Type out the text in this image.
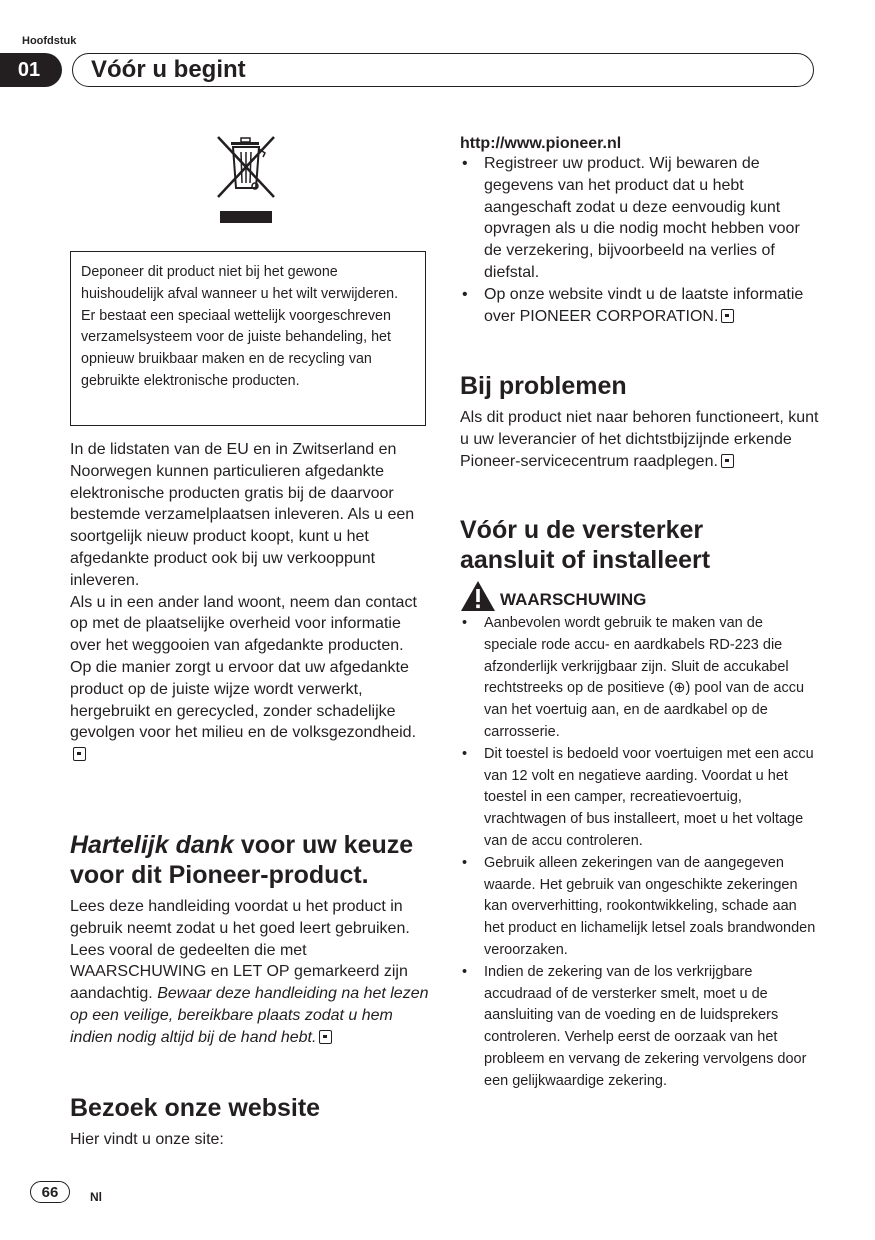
Hoofdstuk
01	Vóór u begint
Deponeer dit product niet bij het gewone huishoudelijk afval wanneer u het wilt verwijderen. Er bestaat een speciaal wettelijk voorgeschreven verzamelsysteem voor de juiste behandeling, het opnieuw bruikbaar maken en de recycling van gebruikte elektronische producten.
In de lidstaten van de EU en in Zwitserland en Noorwegen kunnen particulieren afgedankte elektronische producten gratis bij de daarvoor bestemde verzamelplaatsen inleveren. Als u een soortgelijk nieuw product koopt, kunt u het afgedankte product ook bij uw verkooppunt inleveren.
Als u in een ander land woont, neem dan contact op met de plaatselijke overheid voor informatie over het weggooien van afgedankte producten.
Op die manier zorgt u ervoor dat uw afgedankte product op de juiste wijze wordt verwerkt, hergebruikt en gerecycled, zonder schadelijke gevolgen voor het milieu en de volksgezondheid.
Hartelijk dank voor uw keuze voor dit Pioneer-product.
Lees deze handleiding voordat u het product in gebruik neemt zodat u het goed leert gebruiken. Lees vooral de gedeelten die met WAARSCHUWING en LET OP gemarkeerd zijn aandachtig. Bewaar deze handleiding na het lezen op een veilige, bereikbare plaats zodat u hem indien nodig altijd bij de hand hebt.
Bezoek onze website
Hier vindt u onze site:
http://www.pioneer.nl
• Registreer uw product. Wij bewaren de gegevens van het product dat u hebt aangeschaft zodat u deze eenvoudig kunt opvragen als u die nodig mocht hebben voor de verzekering, bijvoorbeeld na verlies of diefstal.
• Op onze website vindt u de laatste informatie over PIONEER CORPORATION.
Bij problemen
Als dit product niet naar behoren functioneert, kunt u uw leverancier of het dichtstbijzijnde erkende Pioneer-servicecentrum raadplegen.
Vóór u de versterker aansluit of installeert
WAARSCHUWING
• Aanbevolen wordt gebruik te maken van de speciale rode accu- en aardkabels RD-223 die afzonderlijk verkrijgbaar zijn. Sluit de accukabel rechtstreeks op de positieve (⊕) pool van de accu van het voertuig aan, en de aardkabel op de carrosserie.
• Dit toestel is bedoeld voor voertuigen met een accu van 12 volt en negatieve aarding. Voordat u het toestel in een camper, recreatievoertuig, vrachtwagen of bus installeert, moet u het voltage van de accu controleren.
• Gebruik alleen zekeringen van de aangegeven waarde. Het gebruik van ongeschikte zekeringen kan oververhitting, rookontwikkeling, schade aan het product en lichamelijk letsel zoals brandwonden veroorzaken.
• Indien de zekering van de los verkrijgbare accudraad of de versterker smelt, moet u de aansluiting van de voeding en de luidsprekers controleren. Verhelp eerst de oorzaak van het probleem en vervang de zekering vervolgens door een gelijkwaardige zekering.
66	Nl
